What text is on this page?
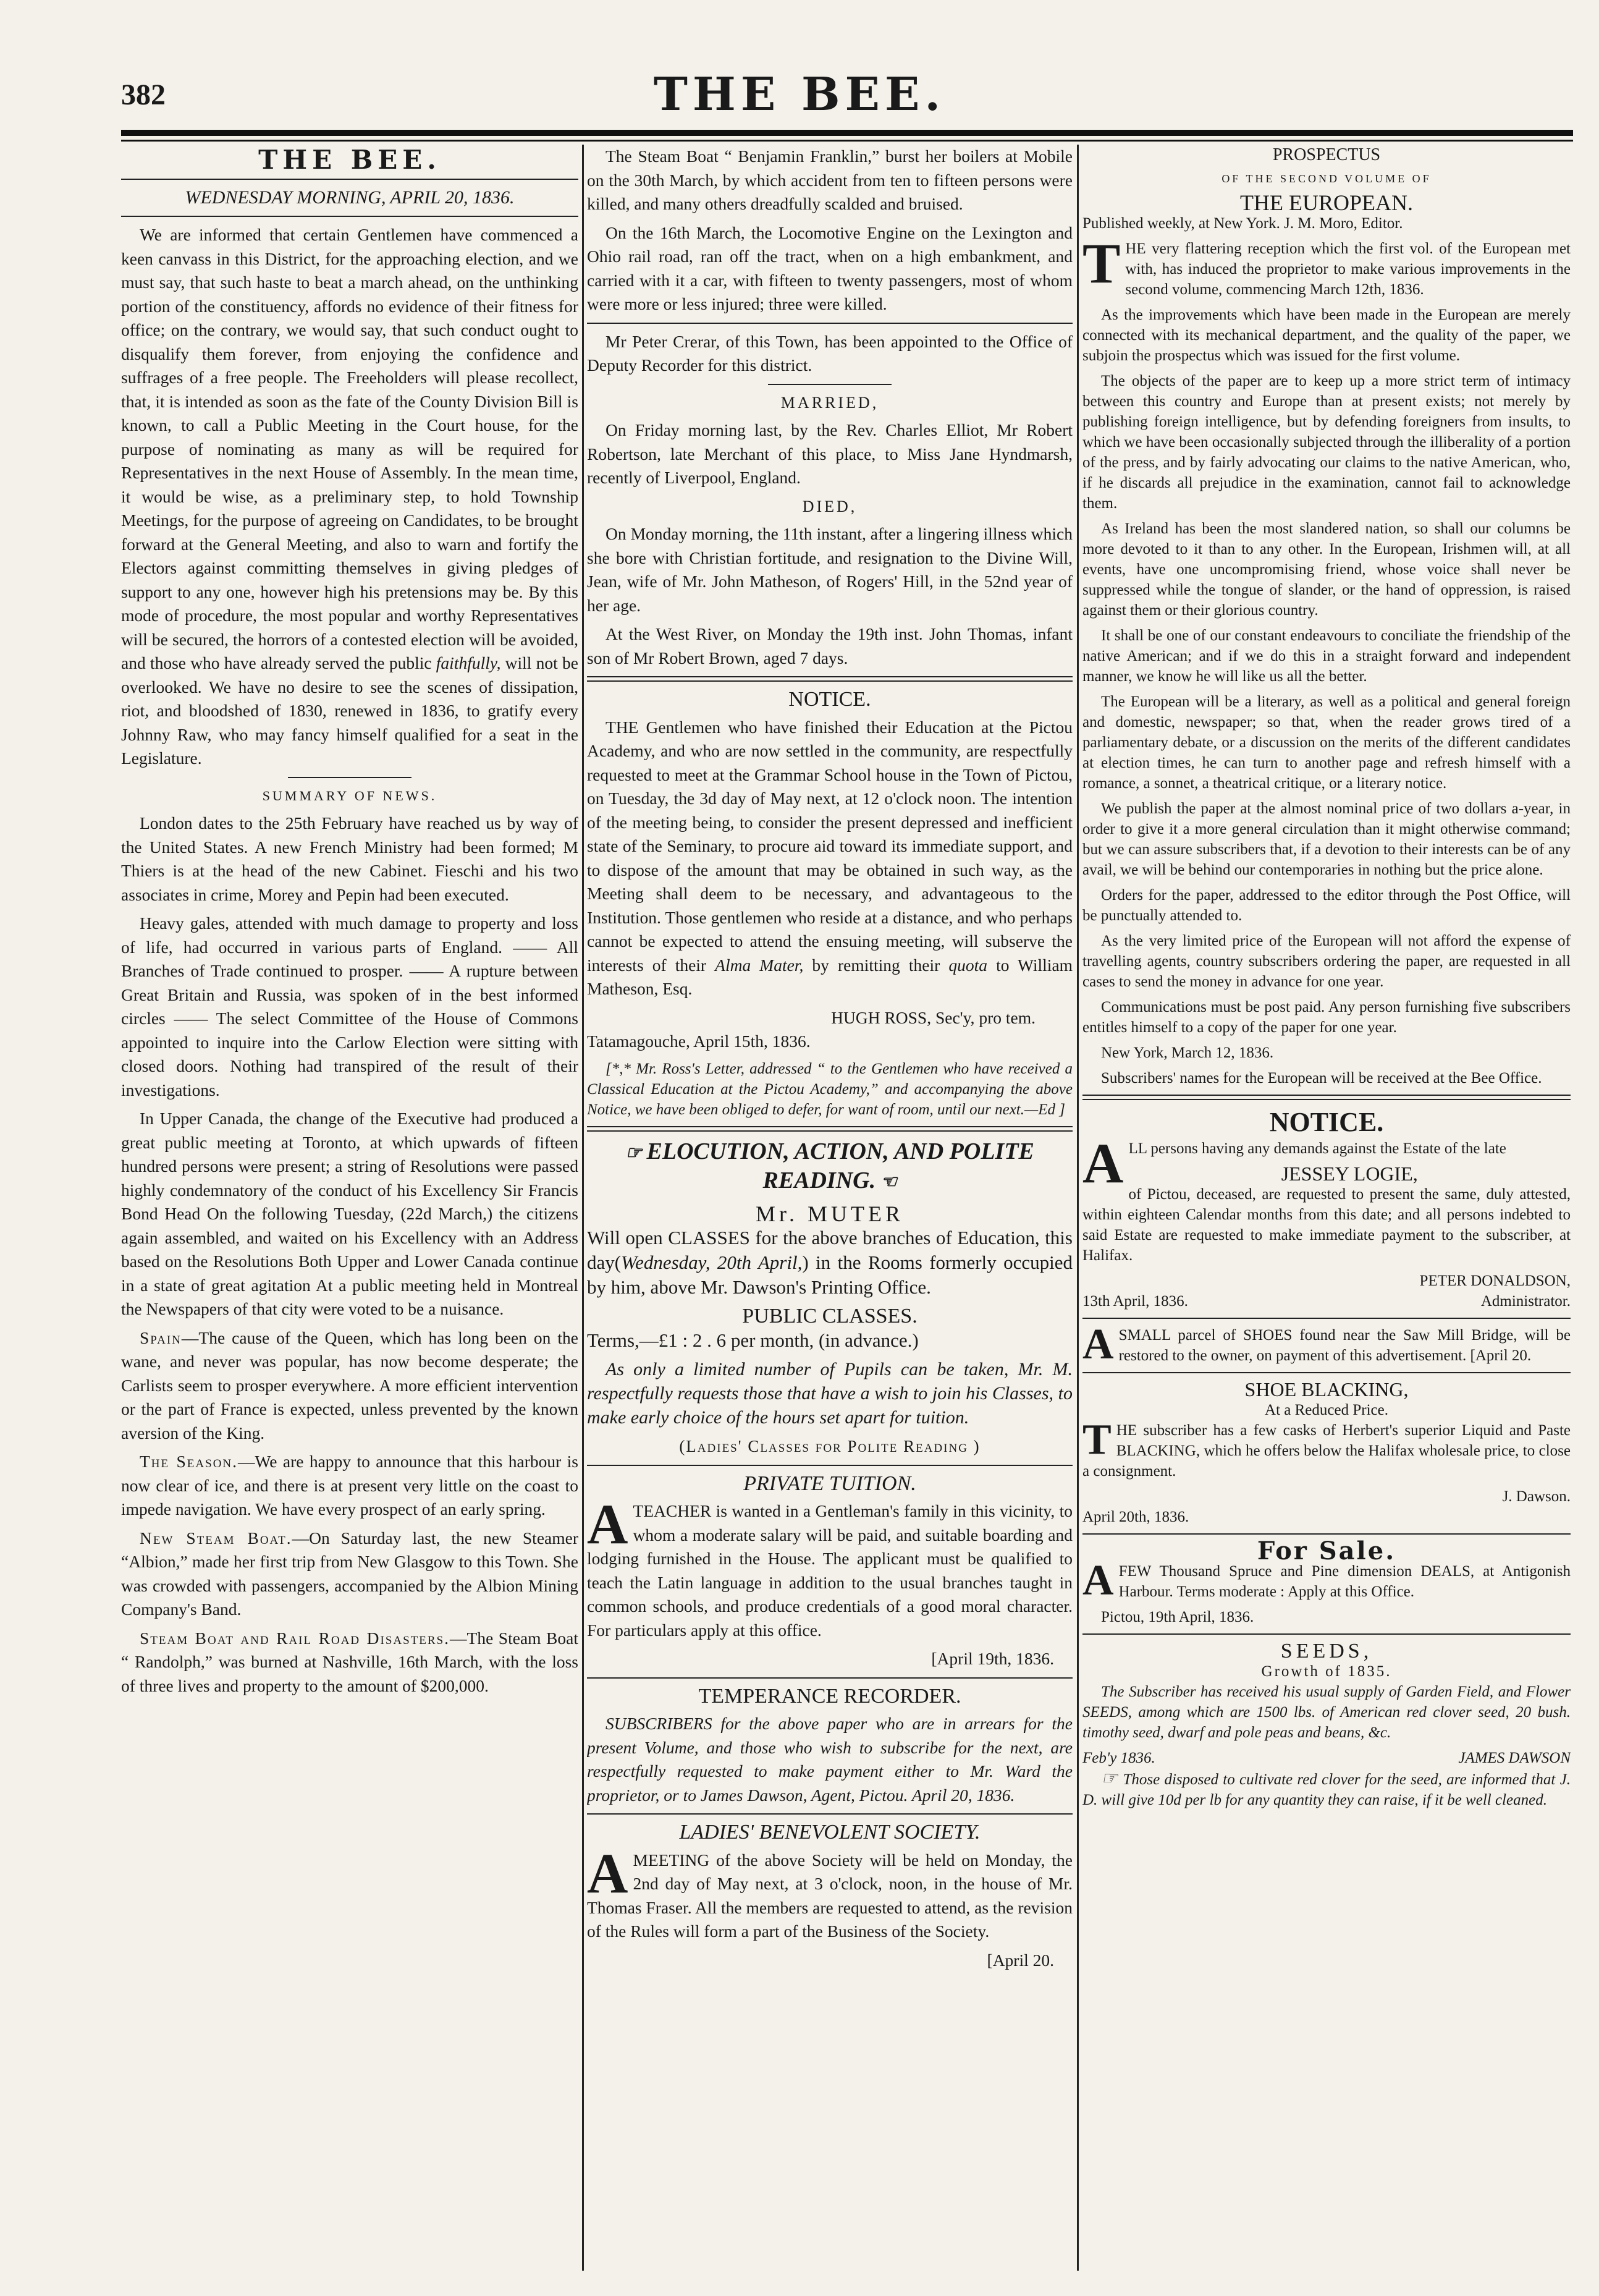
382	THE BEE.
THE BEE.
WEDNESDAY MORNING, APRIL 20, 1836.

We are informed that certain Gentlemen have commenced a keen canvass in this District, for the approaching election, and we must say, that such haste to beat a march ahead, on the unthinking portion of the constituency, affords no evidence of their fitness for office; on the contrary, we would say, that such conduct ought to disqualify them forever, from enjoying the confidence and suffrages of a free people. The Freeholders will please recollect, that, it is intended as soon as the fate of the County Division Bill is known, to call a Public Meeting in the Court house, for the purpose of nominating as many as will be required for Representatives in the next House of Assembly. In the mean time, it would be wise, as a preliminary step, to hold Township Meetings, for the purpose of agreeing on Candidates, to be brought forward at the General Meeting, and also to warn and fortify the Electors against committing themselves in giving pledges of support to any one, however high his pretensions may be. By this mode of procedure, the most popular and worthy Representatives will be secured, the horrors of a contested election will be avoided, and those who have already served the public faithfully, will not be overlooked. We have no desire to see the scenes of dissipation, riot, and bloodshed of 1830, renewed in 1836, to gratify every Johnny Raw, who may fancy himself qualified for a seat in the Legislature.

SUMMARY OF NEWS.

London dates to the 25th February have reached us by way of the United States. A new French Ministry had been formed; M Thiers is at the head of the new Cabinet. Fieschi and his two associates in crime, Morey and Pepin had been executed.

Heavy gales, attended with much damage to property and loss of life, had occurred in various parts of England. —— All Branches of Trade continued to prosper. —— A rupture between Great Britain and Russia, was spoken of in the best informed circles —— The select Committee of the House of Commons appointed to inquire into the Carlow Election were sitting with closed doors. Nothing had transpired of the result of their investigations.

In Upper Canada, the change of the Executive had produced a great public meeting at Toronto, at which upwards of fifteen hundred persons were present; a string of Resolutions were passed highly condemnatory of the conduct of his Excellency Sir Francis Bond Head On the following Tuesday, (22d March,) the citizens again assembled, and waited on his Excellency with an Address based on the Resolutions Both Upper and Lower Canada continue in a state of great agitation At a public meeting held in Montreal the Newspapers of that city were voted to be a nuisance.

Spain—The cause of the Queen, which has long been on the wane, and never was popular, has now become desperate; the Carlists seem to prosper everywhere. A more efficient intervention or the part of France is expected, unless prevented by the known aversion of the King.

The Season.—We are happy to announce that this harbour is now clear of ice, and there is at present very little on the coast to impede navigation. We have every prospect of an early spring.

New Steam Boat.—On Saturday last, the new Steamer “Albion,” made her first trip from New Glasgow to this Town. She was crowded with passengers, accompanied by the Albion Mining Company's Band.

Steam Boat and Rail Road Disasters.—The Steam Boat “ Randolph,” was burned at Nashville, 16th March, with the loss of three lives and property to the amount of $200,000.

The Steam Boat “ Benjamin Franklin,” burst her boilers at Mobile on the 30th March, by which accident from ten to fifteen persons were killed, and many others dreadfully scalded and bruised.

On the 16th March, the Locomotive Engine on the Lexington and Ohio rail road, ran off the tract, when on a high embankment, and carried with it a car, with fifteen to twenty passengers, most of whom were more or less injured; three were killed.

Mr Peter Crerar, of this Town, has been appointed to the Office of Deputy Recorder for this district.

MARRIED,

On Friday morning last, by the Rev. Charles Elliot, Mr Robert Robertson, late Merchant of this place, to Miss Jane Hyndmarsh, recently of Liverpool, England.

DIED,

On Monday morning, the 11th instant, after a lingering illness which she bore with Christian fortitude, and resignation to the Divine Will, Jean, wife of Mr. John Matheson, of Rogers' Hill, in the 52nd year of her age.

At the West River, on Monday the 19th inst. John Thomas, infant son of Mr Robert Brown, aged 7 days.

NOTICE.

THE Gentlemen who have finished their Education at the Pictou Academy, and who are now settled in the community, are respectfully requested to meet at the Grammar School house in the Town of Pictou, on Tuesday, the 3d day of May next, at 12 o'clock noon. The intention of the meeting being, to consider the present depressed and inefficient state of the Seminary, to procure aid toward its immediate support, and to dispose of the amount that may be obtained in such way, as the Meeting shall deem to be necessary, and advantageous to the Institution. Those gentlemen who reside at a distance, and who perhaps cannot be expected to attend the ensuing meeting, will subserve the interests of their Alma Mater, by remitting their quota to William Matheson, Esq.

HUGH ROSS, Sec'y, pro tem.

Tatamagouche, April 15th, 1836.

[*,* Mr. Ross's Letter, addressed “ to the Gentlemen who have received a Classical Education at the Pictou Academy,” and accompanying the above Notice, we have been obliged to defer, for want of room, until our next.—Ed ]

☞ ELOCUTION, ACTION, AND POLITE READING. ☜
Mr. MUTER

Will open CLASSES for the above branches of Education, this day(Wednesday, 20th April,) in the Rooms formerly occupied by him, above Mr. Dawson's Printing Office.

PUBLIC CLASSES.

Terms,—£1 : 2 . 6 per month, (in advance.)

As only a limited number of Pupils can be taken, Mr. M. respectfully requests those that have a wish to join his Classes, to make early choice of the hours set apart for tuition.

(Ladies' Classes for Polite Reading )
PRIVATE TUITION.

ATEACHER is wanted in a Gentleman's family in this vicinity, to whom a moderate salary will be paid, and suitable boarding and lodging furnished in the House. The applicant must be qualified to teach the Latin language in addition to the usual branches taught in common schools, and produce credentials of a good moral character. For particulars apply at this office.

[April 19th, 1836.
TEMPERANCE RECORDER.

SUBSCRIBERS for the above paper who are in arrears for the present Volume, and those who wish to subscribe for the next, are respectfully requested to make payment either to Mr. Ward the proprietor, or to James Dawson, Agent, Pictou. April 20, 1836.

LADIES' BENEVOLENT SOCIETY.

AMEETING of the above Society will be held on Monday, the 2nd day of May next, at 3 o'clock, noon, in the house of Mr. Thomas Fraser. All the members are requested to attend, as the revision of the Rules will form a part of the Business of the Society.

[April 20.
PROSPECTUS
OF THE SECOND VOLUME OF
THE EUROPEAN.

Published weekly, at New York. J. M. Moro, Editor.

THE very flattering reception which the first vol. of the European met with, has induced the proprietor to make various improvements in the second volume, commencing March 12th, 1836.

As the improvements which have been made in the European are merely connected with its mechanical department, and the quality of the paper, we subjoin the prospectus which was issued for the first volume.

The objects of the paper are to keep up a more strict term of intimacy between this country and Europe than at present exists; not merely by publishing foreign intelligence, but by defending foreigners from insults, to which we have been occasionally subjected through the illiberality of a portion of the press, and by fairly advocating our claims to the native American, who, if he discards all prejudice in the examination, cannot fail to acknowledge them.

As Ireland has been the most slandered nation, so shall our columns be more devoted to it than to any other. In the European, Irishmen will, at all events, have one uncompromising friend, whose voice shall never be suppressed while the tongue of slander, or the hand of oppression, is raised against them or their glorious country.

It shall be one of our constant endeavours to conciliate the friendship of the native American; and if we do this in a straight forward and independent manner, we know he will like us all the better.

The European will be a literary, as well as a political and general foreign and domestic, newspaper; so that, when the reader grows tired of a parliamentary debate, or a discussion on the merits of the different candidates at election times, he can turn to another page and refresh himself with a romance, a sonnet, a theatrical critique, or a literary notice.

We publish the paper at the almost nominal price of two dollars a-year, in order to give it a more general circulation than it might otherwise command; but we can assure subscribers that, if a devotion to their interests can be of any avail, we will be behind our contemporaries in nothing but the price alone.

Orders for the paper, addressed to the editor through the Post Office, will be punctually attended to.

As the very limited price of the European will not afford the expense of travelling agents, country subscribers ordering the paper, are requested in all cases to send the money in advance for one year.

Communications must be post paid. Any person furnishing five subscribers entitles himself to a copy of the paper for one year.

New York, March 12, 1836.

Subscribers' names for the European will be received at the Bee Office.

NOTICE.

ALL persons having any demands against the Estate of the late

JESSEY LOGIE,

of Pictou, deceased, are requested to present the same, duly attested, within eighteen Calendar months from this date; and all persons indebted to said Estate are requested to make immediate payment to the subscriber, at Halifax.

PETER DONALDSON,
13th April, 1836.	Administrator.

ASMALL parcel of SHOES found near the Saw Mill Bridge, will be restored to the owner, on payment of this advertisement. [April 20.

SHOE BLACKING,
At a Reduced Price.

THE subscriber has a few casks of Herbert's superior Liquid and Paste BLACKING, which he offers below the Halifax wholesale price, to close a consignment.

J. Dawson.

April 20th, 1836.

For Sale.

AFEW Thousand Spruce and Pine dimension DEALS, at Antigonish Harbour. Terms moderate : Apply at this Office.

Pictou, 19th April, 1836.

SEEDS,
Growth of 1835.

The Subscriber has received his usual supply of Garden Field, and Flower SEEDS, among which are 1500 lbs. of American red clover seed, 20 bush. timothy seed, dwarf and pole peas and beans, &c.

Feb'y 1836.	JAMES DAWSON

☞ Those disposed to cultivate red clover for the seed, are informed that J. D. will give 10d per lb for any quantity they can raise, if it be well cleaned.
